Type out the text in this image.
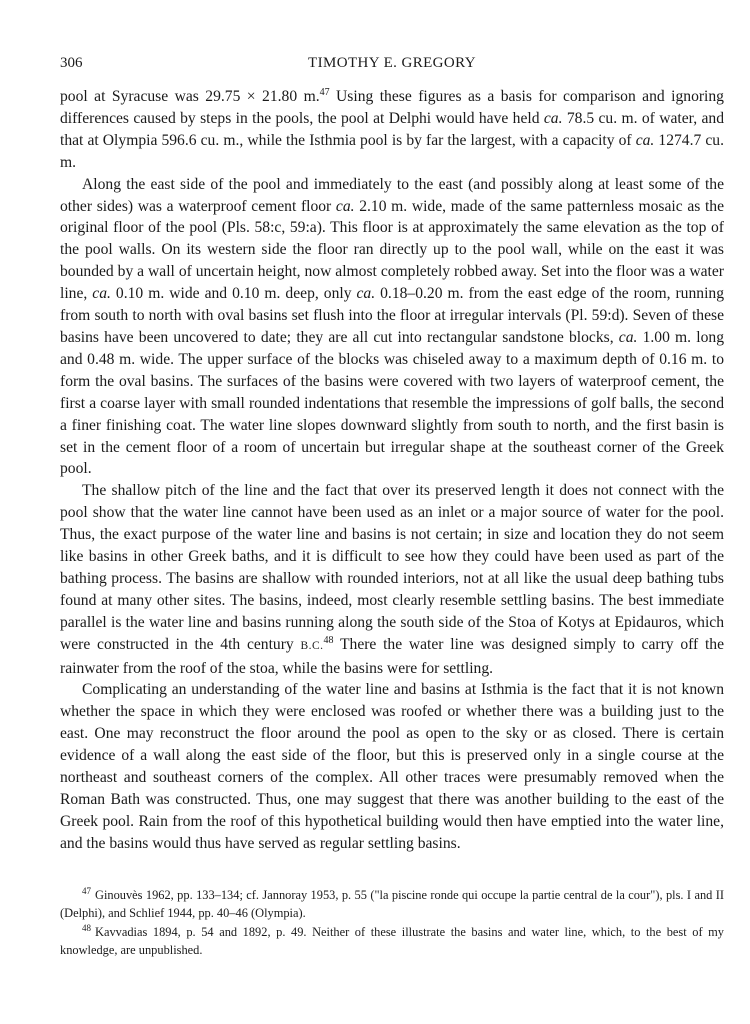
306	TIMOTHY E. GREGORY

pool at Syracuse was 29.75 × 21.80 m.$^{47}$ Using these figures as a basis for comparison and ignoring differences caused by steps in the pools, the pool at Delphi would have held ca. 78.5 cu. m. of water, and that at Olympia 596.6 cu. m., while the Isthmia pool is by far the largest, with a capacity of ca. 1274.7 cu. m.

Along the east side of the pool and immediately to the east (and possibly along at least some of the other sides) was a waterproof cement floor ca. 2.10 m. wide, made of the same patternless mosaic as the original floor of the pool (Pls. 58:c, 59:a). This floor is at approximately the same elevation as the top of the pool walls. On its western side the floor ran directly up to the pool wall, while on the east it was bounded by a wall of uncertain height, now almost completely robbed away. Set into the floor was a water line, ca. 0.10 m. wide and 0.10 m. deep, only ca. 0.18–0.20 m. from the east edge of the room, running from south to north with oval basins set flush into the floor at irregular intervals (Pl. 59:d). Seven of these basins have been uncovered to date; they are all cut into rectangular sandstone blocks, ca. 1.00 m. long and 0.48 m. wide. The upper surface of the blocks was chiseled away to a maximum depth of 0.16 m. to form the oval basins. The surfaces of the basins were covered with two layers of waterproof cement, the first a coarse layer with small rounded indentations that resemble the impressions of golf balls, the second a finer finishing coat. The water line slopes downward slightly from south to north, and the first basin is set in the cement floor of a room of uncertain but irregular shape at the southeast corner of the Greek pool.

The shallow pitch of the line and the fact that over its preserved length it does not connect with the pool show that the water line cannot have been used as an inlet or a major source of water for the pool. Thus, the exact purpose of the water line and basins is not certain; in size and location they do not seem like basins in other Greek baths, and it is difficult to see how they could have been used as part of the bathing process. The basins are shallow with rounded interiors, not at all like the usual deep bathing tubs found at many other sites. The basins, indeed, most clearly resemble settling basins. The best immediate parallel is the water line and basins running along the south side of the Stoa of Kotys at Epidauros, which were constructed in the 4th century B.C.$^{48}$ There the water line was designed simply to carry off the rainwater from the roof of the stoa, while the basins were for settling.

Complicating an understanding of the water line and basins at Isthmia is the fact that it is not known whether the space in which they were enclosed was roofed or whether there was a building just to the east. One may reconstruct the floor around the pool as open to the sky or as closed. There is certain evidence of a wall along the east side of the floor, but this is preserved only in a single course at the northeast and southeast corners of the complex. All other traces were presumably removed when the Roman Bath was constructed. Thus, one may suggest that there was another building to the east of the Greek pool. Rain from the roof of this hypothetical building would then have emptied into the water line, and the basins would thus have served as regular settling basins.

$^{47}$ Ginouvès 1962, pp. 133–134; cf. Jannoray 1953, p. 55 ("la piscine ronde qui occupe la partie central de la cour"), pls. I and II (Delphi), and Schlief 1944, pp. 40–46 (Olympia).

$^{48}$ Kavvadias 1894, p. 54 and 1892, p. 49. Neither of these illustrate the basins and water line, which, to the best of my knowledge, are unpublished.
